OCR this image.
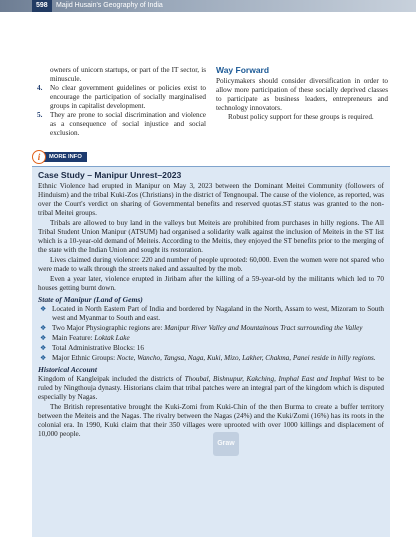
598	Majid Husain's Geography of India

owners of unicorn startups, or part of the IT sector, is minuscule.

4. No clear government guidelines or policies exist to encourage the participation of socially marginalised groups in capitalist development.
5. They are prone to social discrimination and violence as a consequence of social injustice and social exclusion.

Way Forward

Policymakers should consider diversification in order to allow more participation of these socially deprived classes to participate as business leaders, entrepreneurs and technology innovators.

Robust policy support for these groups is required.

MORE INFO
i

Case Study – Manipur Unrest–2023

Ethnic Violence had erupted in Manipur on May 3, 2023 between the Dominant Meitei Community (followers of Hinduism) and the tribal Kuki-Zos (Christians) in the district of Tengnoupal. The cause of the violence, as reported, was over the Court's verdict on sharing of Governmental benefits and reserved quotas.ST status was granted to the non- tribal Meitei groups.

Tribals are allowed to buy land in the valleys but Meiteis are prohibited from purchases in hilly regions. The All Tribal Student Union Manipur (ATSUM) had organised a solidarity walk against the inclusion of Meiteis in the ST list which is a 10-year-old demand of Meiteis. According to the Meitis, they enjoyed the ST benefits prior to the merging of the state with the Indian Union and sought its restoration.

Lives claimed during violence: 220 and number of people uprooted: 60,000. Even the women were not spared who were made to walk through the streets naked and assaulted by the mob.

Even a year later, violence erupted in Jiribam after the killing of a 59-year-old by the militants which led to 70 houses getting burnt down.

State of Manipur (Land of Gems)

❖ Located in North Eastern Part of India and bordered by Nagaland in the North, Assam to west, Mizoram to South west and Myanmar to South and east.
❖ Two Major Physiographic regions are: Manipur River Valley and Mountainous Tract surrounding the Valley
❖ Main Feature: Loktak Lake
❖ Total Administrative Blocks: 16
❖ Major Ethnic Groups: Nocte, Wancho, Tangsa, Naga, Kuki, Mizo, Lakher, Chakma, Panei reside in hilly regions.

Historical Account

Kingdom of Kangleipak included the districts of Thoubal, Bishnupur, Kakching, Imphal East and Imphal West to be ruled by Ningthouja dynasty. Historians claim that tribal patches were an integral part of the kingdom which is disputed especially by Nagas.

The British representative brought the Kuki-Zomi from Kuki-Chin of the then Burma to create a buffer territory between the Meiteis and the Nagas. The rivalry between the Nagas (24%) and the Kuki/Zomi (16%) has its roots in the colonial era. In 1990, Kuki claim that their 350 villages were uprooted with over 1000 killings and displacement of 10,000 people.

Graw
